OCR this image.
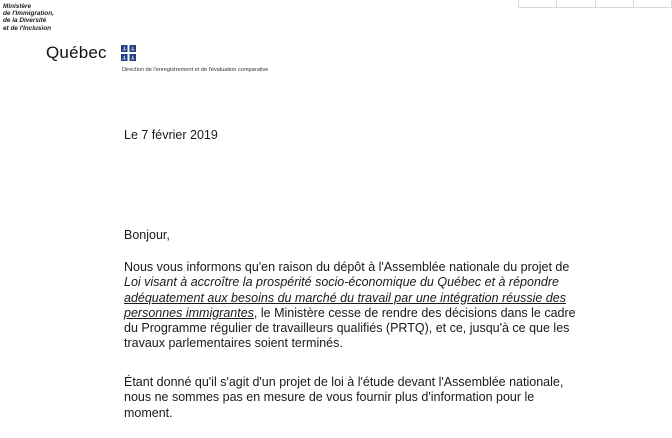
Ministère
de l'Immigration,
de la Diversité
et de l'Inclusion
Québec
Direction de l'enregistrement et de l'évaluation comparative
Le 7 février 2019
Bonjour,
Nous vous informons qu'en raison du dépôt à l'Assemblée nationale du projet de
Loi visant à accroître la prospérité socio-économique du Québec et à répondre
adéquatement aux besoins du marché du travail par une intégration réussie des
personnes immigrantes, le Ministère cesse de rendre des décisions dans le cadre
du Programme régulier de travailleurs qualifiés (PRTQ), et ce, jusqu'à ce que les
travaux parlementaires soient terminés.
Étant donné qu'il s'agit d'un projet de loi à l'étude devant l'Assemblée nationale,
nous ne sommes pas en mesure de vous fournir plus d'information pour le
moment.
